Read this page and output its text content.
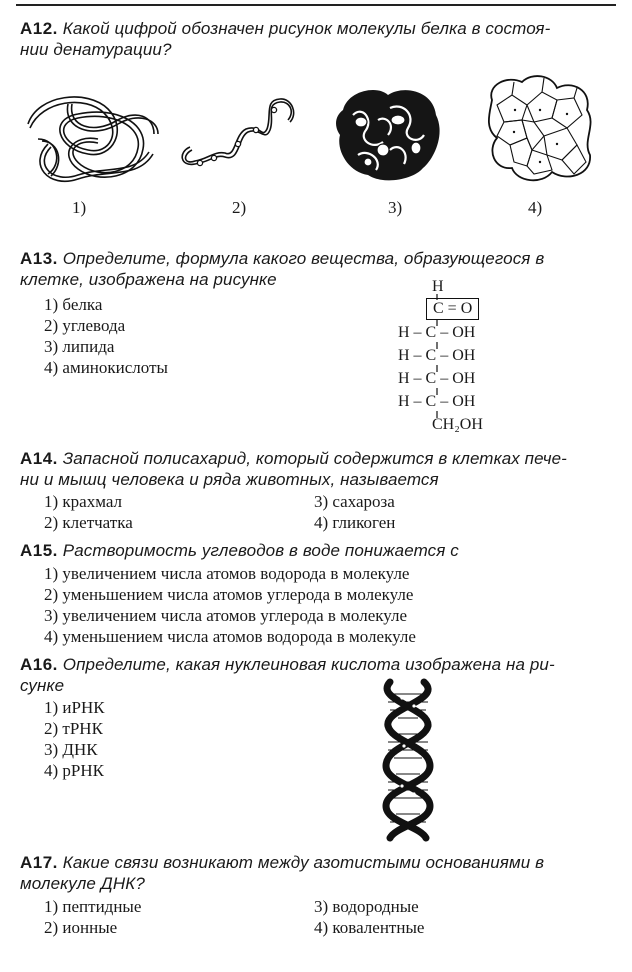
А12. Какой цифрой обозначен рисунок молекулы белка в состоя-
нии денатурации?
1)	2)	3)	4)
А13. Определите, формула какого вещества, образующегося в
клетке, изображена на рисунке
1) белка
2) углевода
3) липида
4) аминокислоты
H
C = O
H – C – OH
H – C – OH
H – C – OH
H – C – OH
CH₂OH
А14. Запасной полисахарид, который содержится в клетках пече-
ни и мышц человека и ряда животных, называется
1) крахмал
2) клетчатка
3) сахароза
4) гликоген
А15. Растворимость углеводов в воде понижается с
1) увеличением числа атомов водорода в молекуле
2) уменьшением числа атомов углерода в молекуле
3) увеличением числа атомов углерода в молекуле
4) уменьшением числа атомов водорода в молекуле
А16. Определите, какая нуклеиновая кислота изображена на ри-
сунке
1) иРНК
2) тРНК
3) ДНК
4) рРНК
А17. Какие связи возникают между азотистыми основаниями в
молекуле ДНК?
1) пептидные
2) ионные
3) водородные
4) ковалентные
